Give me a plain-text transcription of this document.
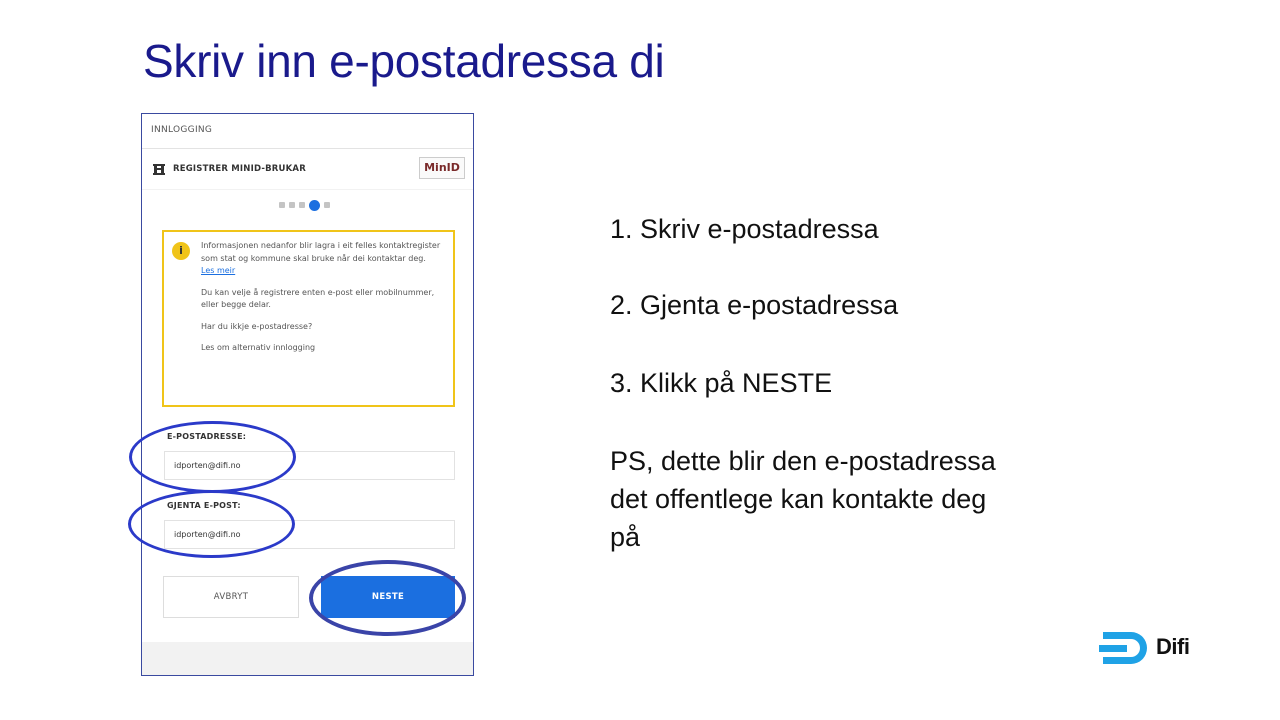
Skriv inn e-postadressa di
INNLOGGING
REGISTRER MINID-BRUKAR	MinID
i	Informasjonen nedanfor blir lagra i eit felles kontaktregister som stat og kommune skal bruke når dei kontaktar deg. Les meir

Du kan velje å registrere enten e-post eller mobilnummer, eller begge delar.

Har du ikkje e-postadresse?

Les om alternativ innlogging

E-POSTADRESSE:
idporten@difi.no
GJENTA E-POST:
idporten@difi.no
AVBRYT	NESTE
1. Skriv e-postadressa
2. Gjenta e-postadressa
3. Klikk på NESTE
PS, dette blir den e-postadressa det offentlege kan kontakte deg på
Difi
